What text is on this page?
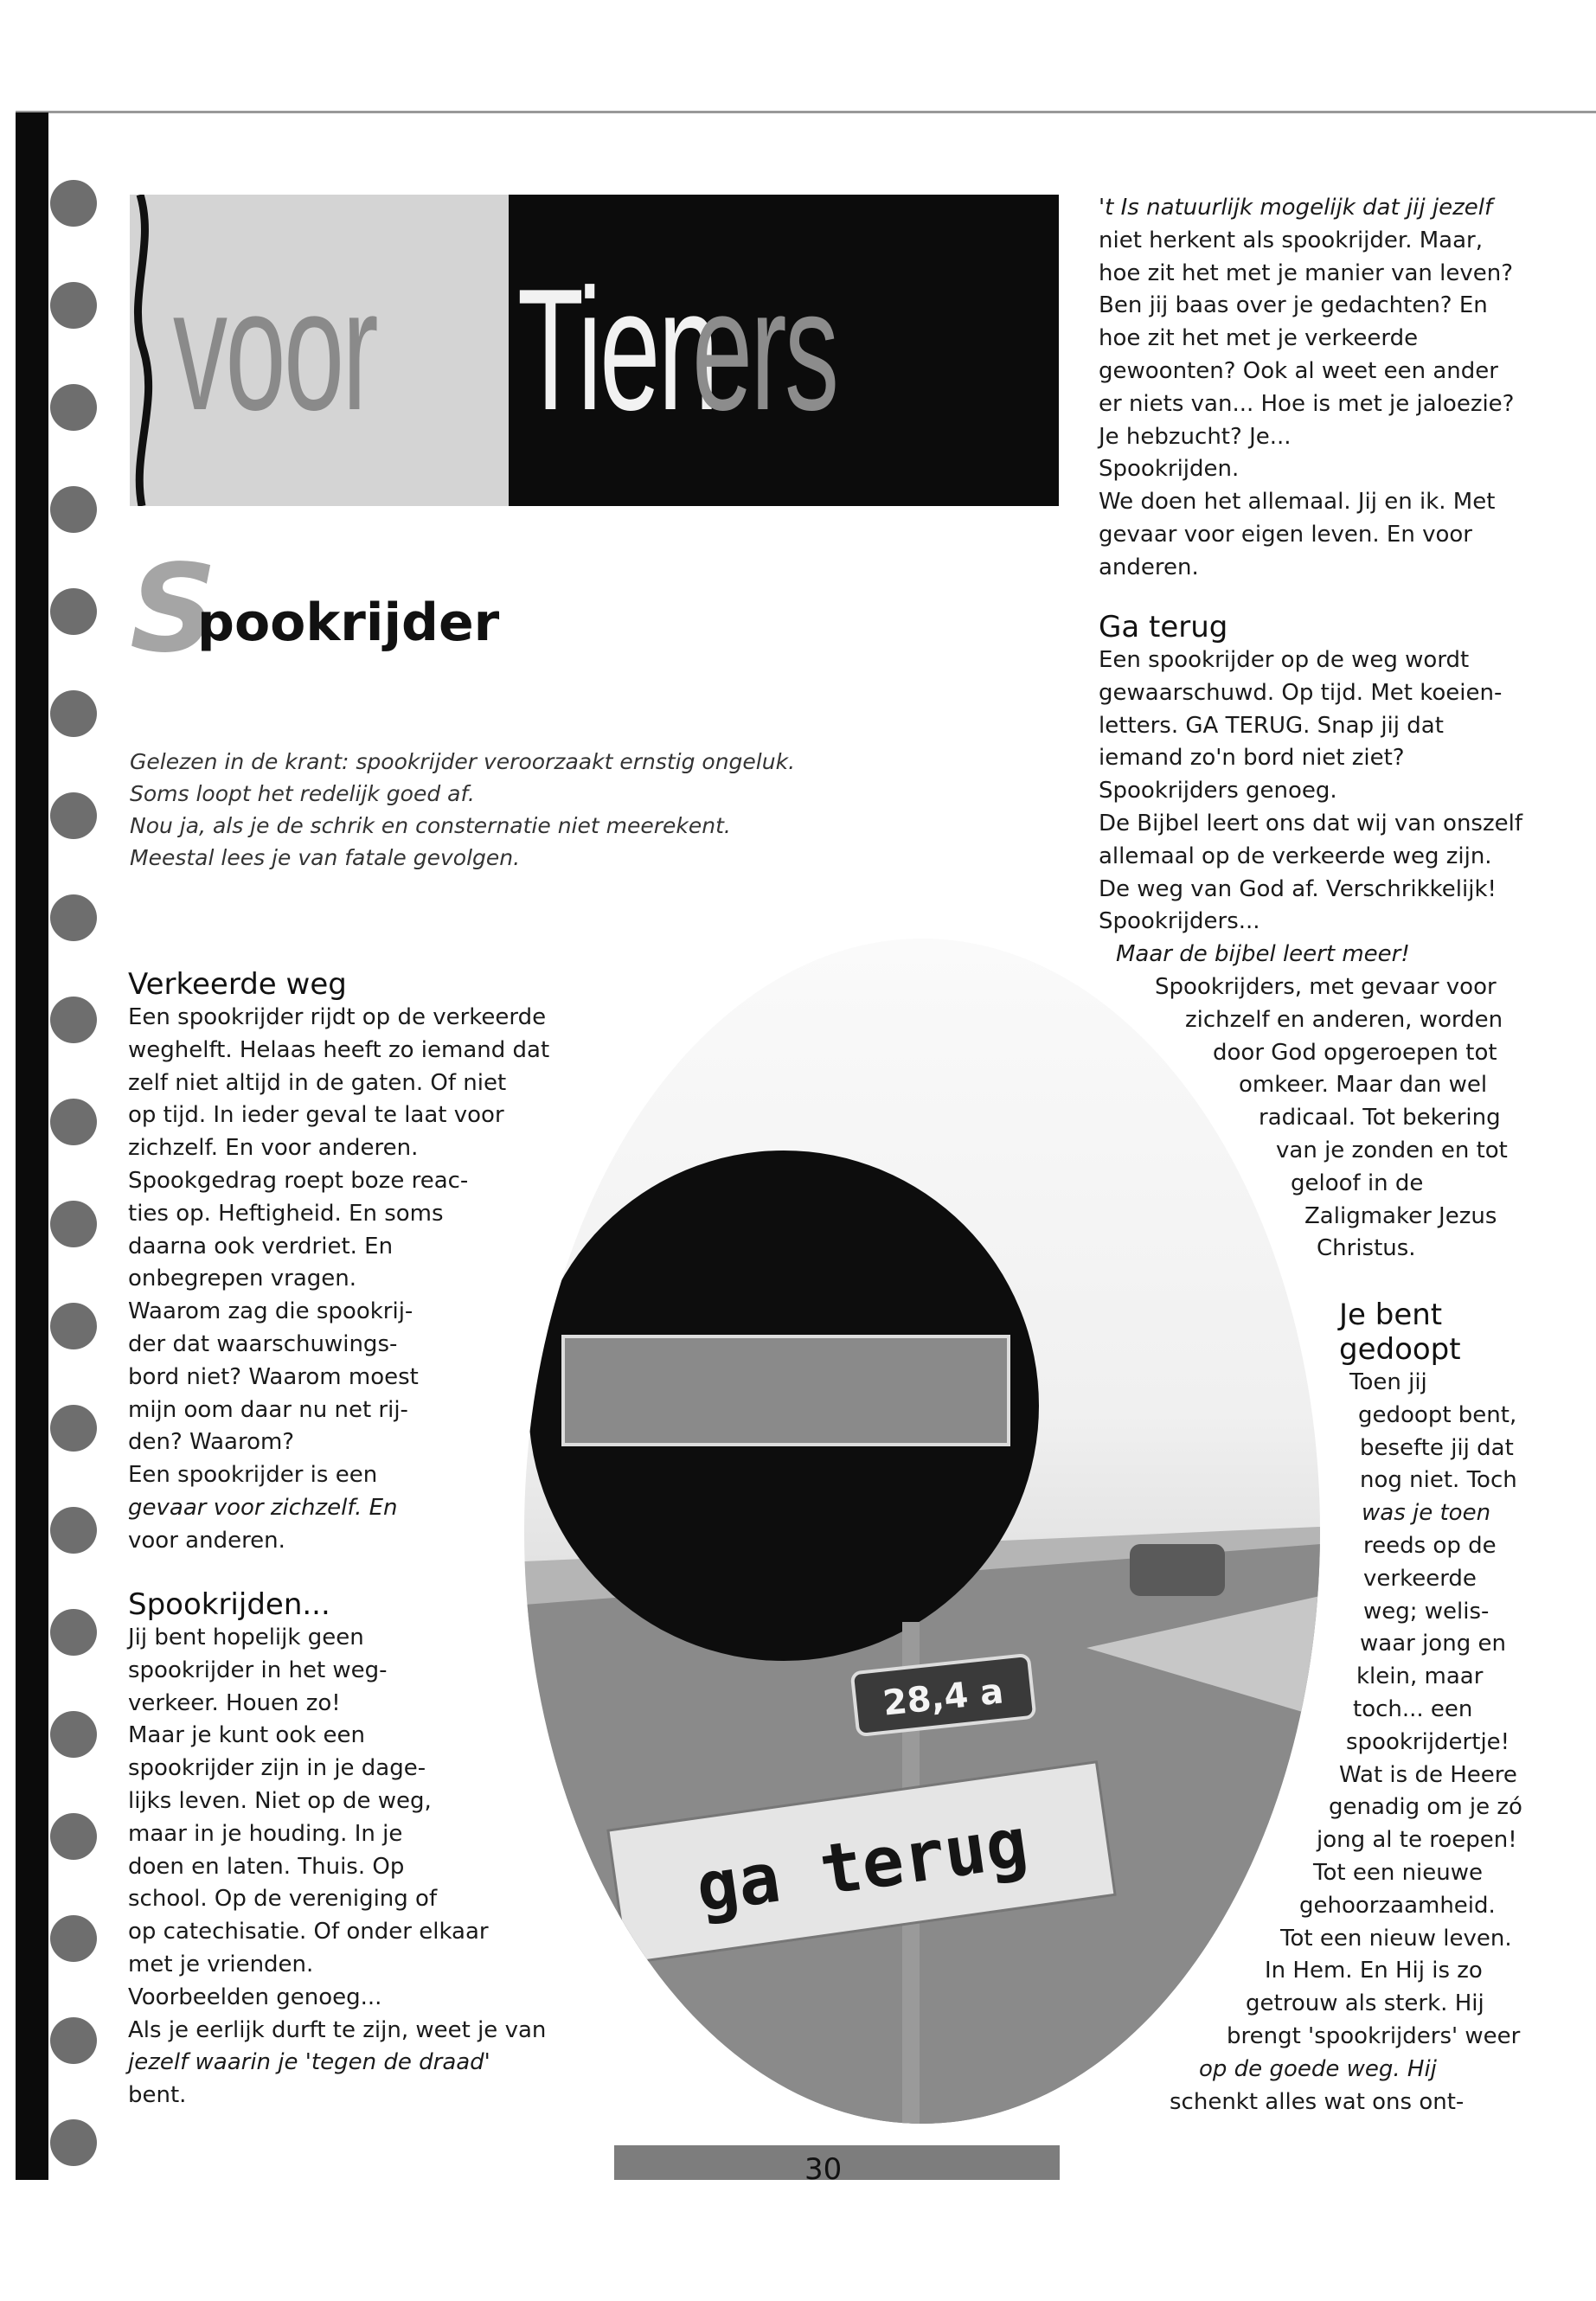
voor Tien
ers
S
pookrijder

Gelezen in de krant: spookrijder veroorzaakt ernstig ongeluk.

Soms loopt het redelijk goed af.

Nou ja, als je de schrik en consternatie niet meerekent.

Meestal lees je van fatale gevolgen.

28,4 a
ga terug

Verkeerde weg

Een spookrijder rijdt op de verkeerde
weghelft. Helaas heeft zo iemand dat
zelf niet altijd in de gaten. Of niet
op tijd. In ieder geval te laat voor
zichzelf. En voor anderen.
Spookgedrag roept boze reac-
ties op. Heftigheid. En soms
daarna ook verdriet. En
onbegrepen vragen.
Waarom zag die spookrij-
der dat waarschuwings-
bord niet? Waarom moest
mijn oom daar nu net rij-
den? Waarom?
Een spookrijder is een
gevaar voor zichzelf. En
voor anderen.

Spookrijden...

Jij bent hopelijk geen
spookrijder in het weg-
verkeer. Houen zo!
Maar je kunt ook een
spookrijder zijn in je dage-
lijks leven. Niet op de weg,
maar in je houding. In je
doen en laten. Thuis. Op
school. Op de vereniging of
op catechisatie. Of onder elkaar
met je vrienden.
Voorbeelden genoeg...
Als je eerlijk durft te zijn, weet je van
jezelf waarin je 'tegen de draad'
bent.
't Is natuurlijk mogelijk dat jij jezelf
niet herkent als spookrijder. Maar,
hoe zit het met je manier van leven?
Ben jij baas over je gedachten? En
hoe zit het met je verkeerde
gewoonten? Ook al weet een ander
er niets van... Hoe is met je jaloezie?
Je hebzucht? Je...
Spookrijden.
We doen het allemaal. Jij en ik. Met
gevaar voor eigen leven. En voor
anderen.

Ga terug

Een spookrijder op de weg wordt
gewaarschuwd. Op tijd. Met koeien-
letters. GA TERUG. Snap jij dat
iemand zo'n bord niet ziet?
Spookrijders genoeg.
De Bijbel leert ons dat wij van onszelf
allemaal op de verkeerde weg zijn.
De weg van God af. Verschrikkelijk!
Spookrijders...
Maar de bijbel leert meer!
Spookrijders, met gevaar voor
zichzelf en anderen, worden
door God opgeroepen tot
omkeer. Maar dan wel
radicaal. Tot bekering
van je zonden en tot
geloof in de
Zaligmaker Jezus
Christus.

Je bent

gedoopt

Toen jij
gedoopt bent,
besefte jij dat
nog niet. Toch
was je toen
reeds op de
verkeerde
weg; welis-
waar jong en
klein, maar
toch... een
spookrijdertje!
Wat is de Heere
genadig om je zó
jong al te roepen!
Tot een nieuwe
gehoorzaamheid.
Tot een nieuw leven.
In Hem. En Hij is zo
getrouw als sterk. Hij
brengt 'spookrijders' weer
op de goede weg. Hij
schenkt alles wat ons ont-
30
